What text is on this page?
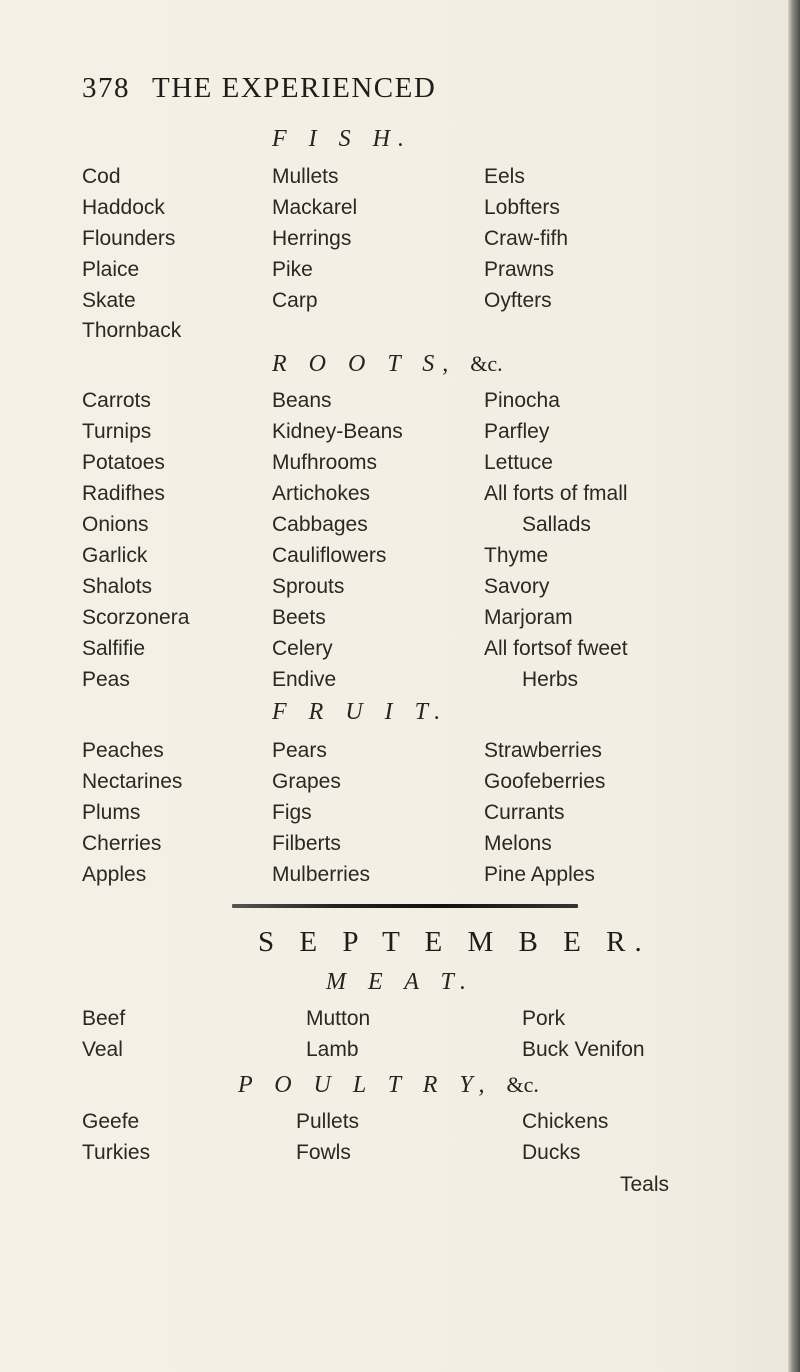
378 THE EXPERIENCED
F I S H.
Cod
Haddock
Flounders
Plaice
Skate
Thornback
Mullets
Mackarel
Herrings
Pike
Carp
Eels
Lobfters
Craw-fifh
Prawns
Oyfters
R O O T S, &c.
Carrots
Turnips
Potatoes
Radifhes
Onions
Garlick
Shalots
Scorzonera
Salfifie
Peas
Beans
Kidney-Beans
Mufhrooms
Artichokes
Cabbages
Cauliflowers
Sprouts
Beets
Celery
Endive
Pinocha
Parfley
Lettuce
All forts of fmall
Sallads
Thyme
Savory
Marjoram
All fortsof fweet
Herbs
F R U I T.
Peaches
Nectarines
Plums
Cherries
Apples
Pears
Grapes
Figs
Filberts
Mulberries
Strawberries
Goofeberries
Currants
Melons
Pine Apples
S E P T E M B E R.
M E A T.
Beef
Veal
Mutton
Lamb
Pork
Buck Venifon
P O U L T R Y, &c.
Geefe
Turkies
Pullets
Fowls
Chickens
Ducks
Teals
